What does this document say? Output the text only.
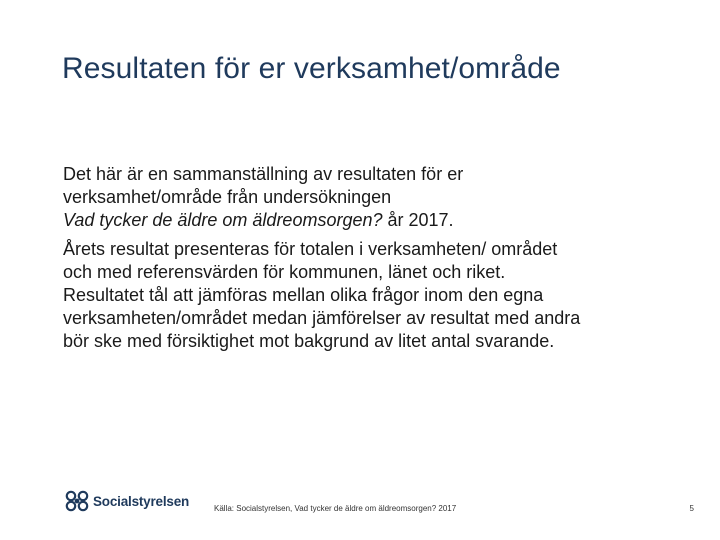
Resultaten för er verksamhet/område

Det här är en sammanställning av resultaten för er
verksamhet/område från undersökningen
Vad tycker de äldre om äldreomsorgen? år 2017.

Årets resultat presenteras för totalen i verksamheten/ området
och med referensvärden för kommunen, länet och riket.
Resultatet tål att jämföras mellan olika frågor inom den egna
verksamheten/området medan jämförelser av resultat med andra
bör ske med försiktighet mot bakgrund av litet antal svarande.

Socialstyrelsen	Källa: Socialstyrelsen, Vad tycker de äldre om äldreomsorgen? 2017	5
